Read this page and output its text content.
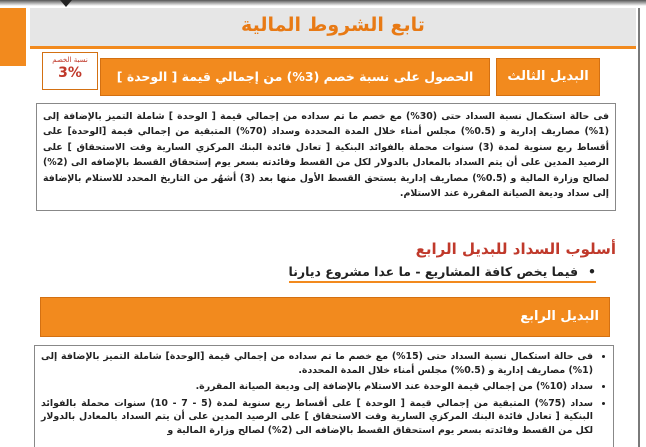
تابع الشروط المالية
البديل الثالث
الحصول على نسبة خصم (3%) من إجمالي قيمة [ الوحدة ]
نسبة الخصم
3%

فى حالة استكمال نسبة السداد حتى (30%) مع خصم ما تم سداده من إجمالي قيمة [ الوحدة ] شاملة التميز بالإضافة إلى (1%) مصاريف إدارية و (0.5%) مجلس أمناء خلال المدة المحددة وسداد (70%) المتبقية من إجمالي قيمة [الوحدة] على أقساط ربع سنوية لمدة (3) سنوات محملة بالفوائد البنكية [ تعادل فائدة البنك المركزي السارية وقت الاستحقاق ] على الرصيد المدين على أن يتم السداد بالمعادل بالدولار لكل من القسط وفائدته بسعر يوم إستحقاق القسط بالإضافه الى (2%) لصالح وزارة المالية و (0.5%) مصاريف إدارية يستحق القسط الأول منها بعد (3) أشهُر من التاريخ المحدد للاستلام بالإضافة إلى سداد وديعة الصيانة المقررة عند الاستلام.

أسلوب السداد للبديل الرابع
•فيما يخص كافة المشاريع - ما عدا مشروع ديارنا
البديل الرابع
• فى حالة استكمال نسبة السداد حتى (15%) مع خصم ما تم سداده من إجمالي قيمة [الوحدة] شاملة التميز بالإضافة إلى (1%) مصاريف إدارية و (0.5%) مجلس أمناء خلال المدة المحددة.
• سداد (10%) من إجمالي قيمة الوحدة عند الاستلام بالإضافة إلى وديعة الصيانة المقررة.
• سداد (75%) المتبقية من إجمالي قيمة [ الوحدة ] على أقساط ربع سنوية لمدة (5 - 7 - 10) سنوات محملة بالفوائد البنكية [ تعادل فائدة البنك المركزي السارية وقت الاستحقاق ] على الرصيد المدين على أن يتم السداد بالمعادل بالدولار لكل من القسط وفائدته بسعر يوم استحقاق القسط بالإضافه الى (2%) لصالح وزارة المالية و
